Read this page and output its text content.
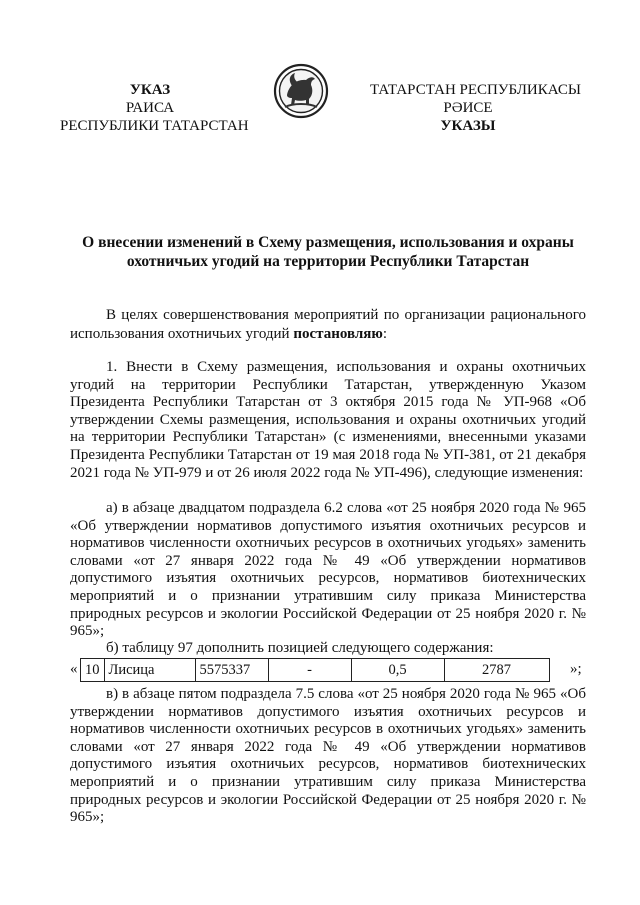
УКАЗ
РАИСА
РЕСПУБЛИКИ ТАТАРСТАН
ТАТАРСТАН РЕСПУБЛИКАСЫ
РӘИСЕ
УКАЗЫ
О внесении изменений в Схему размещения, использования и охраны
охотничьих угодий на территории Республики Татарстан
В целях совершенствования мероприятий по организации рационального использования охотничьих угодий постановляю:
1. Внести в Схему размещения, использования и охраны охотничьих угодий на территории Республики Татарстан, утвержденную Указом Президента Республики Татарстан от 3 октября 2015 года № УП-968 «Об утверждении Схемы размещения, использования и охраны охотничьих угодий на территории Республики Татарстан» (с изменениями, внесенными указами Президента Республики Татарстан от 19 мая 2018 года № УП-381, от 21 декабря 2021 года № УП-979 и от 26 июля 2022 года № УП-496), следующие изменения:
а) в абзаце двадцатом подраздела 6.2 слова «от 25 ноября 2020 года № 965 «Об утверждении нормативов допустимого изъятия охотничьих ресурсов и нормативов численности охотничьих ресурсов в охотничьих угодьях» заменить словами «от 27 января 2022 года № 49 «Об утверждении нормативов допустимого изъятия охотничьих ресурсов, нормативов биотехнических мероприятий и о признании утратившим силу приказа Министерства природных ресурсов и экологии Российской Федерации от 25 ноября 2020 г. № 965»;
б) таблицу 97 дополнить позицией следующего содержания:
« 10	Лисица	5575337	-	0,5	2787	»;
в) в абзаце пятом подраздела 7.5 слова «от 25 ноября 2020 года № 965 «Об утверждении нормативов допустимого изъятия охотничьих ресурсов и нормативов численности охотничьих ресурсов в охотничьих угодьях» заменить словами «от 27 января 2022 года № 49 «Об утверждении нормативов допустимого изъятия охотничьих ресурсов, нормативов биотехнических мероприятий и о признании утратившим силу приказа Министерства природных ресурсов и экологии Российской Федерации от 25 ноября 2020 г. № 965»;
